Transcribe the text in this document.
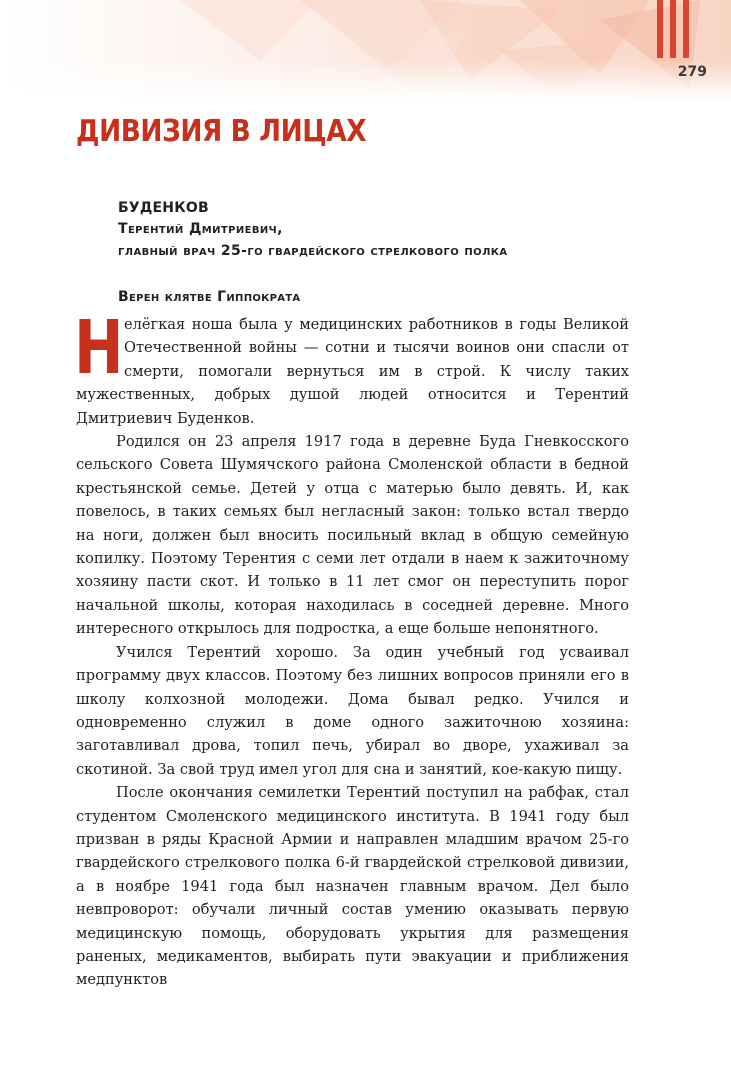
279
ДИВИЗИЯ В ЛИЦАХ

БУДЕНКОВ

Терентий Дмитриевич,

главный врач 25-го гвардейского стрелкового полка

Верен клятве Гиппократа

Нелёгкая ноша была у медицинских работников в годы Великой Отечественной войны — сотни и тысячи воинов они спасли от смерти, помогали вернуться им в строй. К числу таких мужественных, добрых душой людей относится и Терентий Дмитриевич Буденков.

Родился он 23 апреля 1917 года в деревне Буда Гневкосского сельского Совета Шумячского района Смоленской области в бедной крестьянской семье. Детей у отца с матерью было девять. И, как повелось, в таких семьях был негласный закон: только встал твердо на ноги, должен был вносить посильный вклад в общую семейную копилку. Поэтому Терентия с семи лет отдали в наем к зажиточному хозяину пасти скот. И только в 11 лет смог он переступить порог начальной школы, которая находилась в соседней деревне. Много интересного открылось для подростка, а еще больше непонятного.

Учился Терентий хорошо. За один учебный год усваивал программу двух классов. Поэтому без лишних вопросов приняли его в школу колхозной молодежи. Дома бывал редко. Учился и одновременно служил в доме одного зажиточною хозяина: заготавливал дрова, топил печь, убирал во дворе, ухаживал за скотиной. За свой труд имел угол для сна и занятий, кое-какую пищу.

После окончания семилетки Терентий поступил на рабфак, стал студентом Смоленского медицинского института. В 1941 году был призван в ряды Красной Армии и направлен младшим врачом 25-го гвардейского стрелкового полка 6-й гвардейской стрелковой дивизии, а в ноябре 1941 года был назначен главным врачом. Дел было невпроворот: обучали личный состав умению оказывать первую медицинскую помощь, оборудовать укрытия для размещения раненых, медикаментов, выбирать пути эвакуации и приближения медпунктов
